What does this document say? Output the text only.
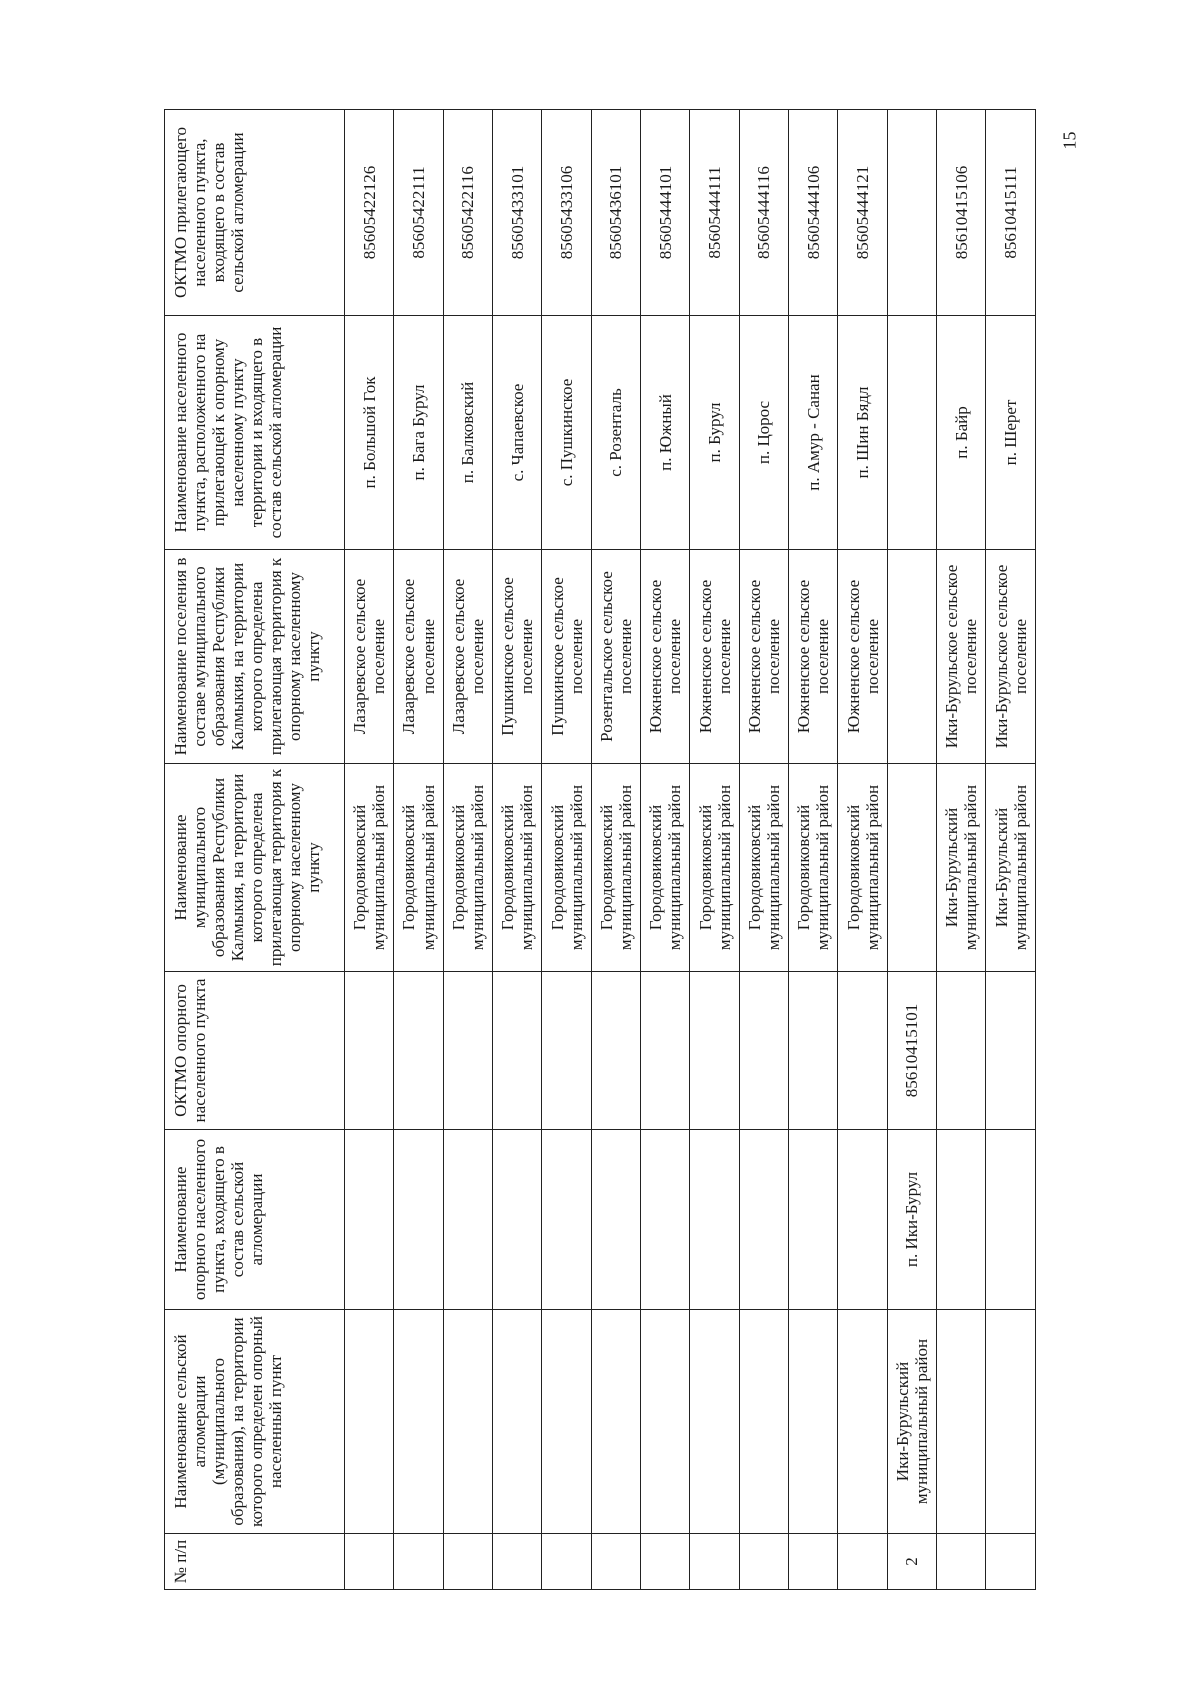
15
№ п/п	Наименование сельской агломерации (муниципального образования), на территории которого определен опорный населенный пункт	Наименование опорного населенного пункта, входящего в состав сельской агломерации	ОКТМО опорного населенного пункта	Наименование муниципального образования Республики Калмыкия, на территории которого определена прилегающая территория к опорному населенному пункту	Наименование поселения в составе муниципального образования Республики Калмыкия, на территории которого определена прилегающая территория к опорному населенному пункту	Наименование населенного пункта, расположенного на прилегающей к опорному населенному пункту территории и входящего в состав сельской агломерации	ОКТМО прилегающего населенного пункта, входящего в состав сельской агломерации
				Городовиковский муниципальный район	Лазаревское сельское поселение	п. Большой Гок	85605422126
				Городовиковский муниципальный район	Лазаревское сельское поселение	п. Бага Бурул	85605422111
				Городовиковский муниципальный район	Лазаревское сельское поселение	п. Балковский	85605422116
				Городовиковский муниципальный район	Пушкинское сельское поселение	с. Чапаевское	85605433101
				Городовиковский муниципальный район	Пушкинское сельское поселение	с. Пушкинское	85605433106
				Городовиковский муниципальный район	Розентальское сельское поселение	с. Розенталь	85605436101
				Городовиковский муниципальный район	Южненское сельское поселение	п. Южный	85605444101
				Городовиковский муниципальный район	Южненское сельское поселение	п. Бурул	85605444111
				Городовиковский муниципальный район	Южненское сельское поселение	п. Цорос	85605444116
				Городовиковский муниципальный район	Южненское сельское поселение	п. Амур - Санан	85605444106
				Городовиковский муниципальный район	Южненское сельское поселение	п. Шин Бядл	85605444121
2	Ики-Бурульский муниципальный район	п. Ики-Бурул	85610415101				
				Ики-Бурульский муниципальный район	Ики-Бурульское сельское поселение	п. Байр	85610415106
				Ики-Бурульский муниципальный район	Ики-Бурульское сельское поселение	п. Шерет	85610415111
